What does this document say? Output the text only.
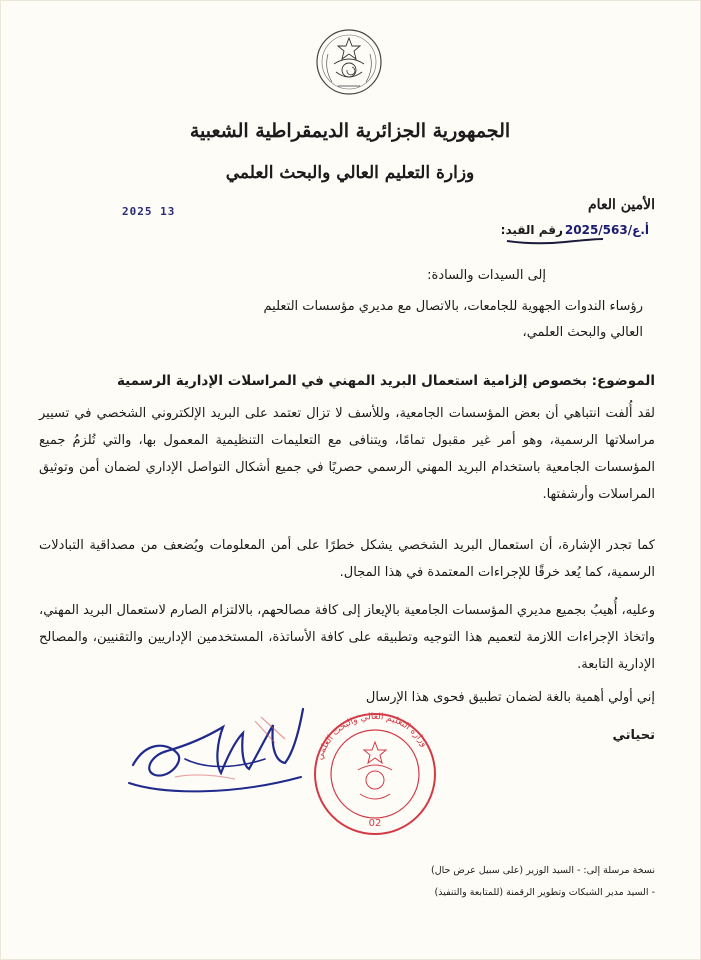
الجمهورية الجزائرية الديمقراطية الشعبية
وزارة التعليم العالي والبحث العلمي
الأمين العام
2025 13
رقم القيد: 2025/أ.ع/563
إلى السيدات والسادة:
رؤساء الندوات الجهوية للجامعات، بالاتصال مع مديري مؤسسات التعليم
العالي والبحث العلمي،
الموضوع: بخصوص إلزامية استعمال البريد المهني في المراسلات الإدارية الرسمية
لقد أُلفت انتباهي أن بعض المؤسسات الجامعية، وللأسف لا تزال تعتمد على البريد الإلكتروني الشخصي في تسيير مراسلاتها الرسمية، وهو أمر غير مقبول تمامًا، ويتنافى مع التعليمات التنظيمية المعمول بها، والتي تُلزمُ جميع المؤسسات الجامعية باستخدام البريد المهني الرسمي حصريًا في جميع أشكال التواصل الإداري لضمان أمن وتوثيق المراسلات وأرشفتها.
كما تجدر الإشارة، أن استعمال البريد الشخصي يشكل خطرًا على أمن المعلومات ويُضعف من مصداقية التبادلات الرسمية، كما يُعد خرقًا للإجراءات المعتمدة في هذا المجال.
وعليه، أُهيبُ بجميع مديري المؤسسات الجامعية بالإيعاز إلى كافة مصالحهم، بالالتزام الصارم لاستعمال البريد المهني، واتخاذ الإجراءات اللازمة لتعميم هذا التوجيه وتطبيقه على كافة الأساتذة، المستخدمين الإداريين والتقنيين، والمصالح الإدارية التابعة.
إني أولي أهمية بالغة لضمان تطبيق فحوى هذا الإرسال
تحياتي
وزارة التعليم العالي والبحث العلمي
02
نسخة مرسلة إلى: - السيد الوزير (على سبيل عرض حال)
- السيد مدير الشبكات وتطوير الرقمنة (للمتابعة والتنفيذ)
